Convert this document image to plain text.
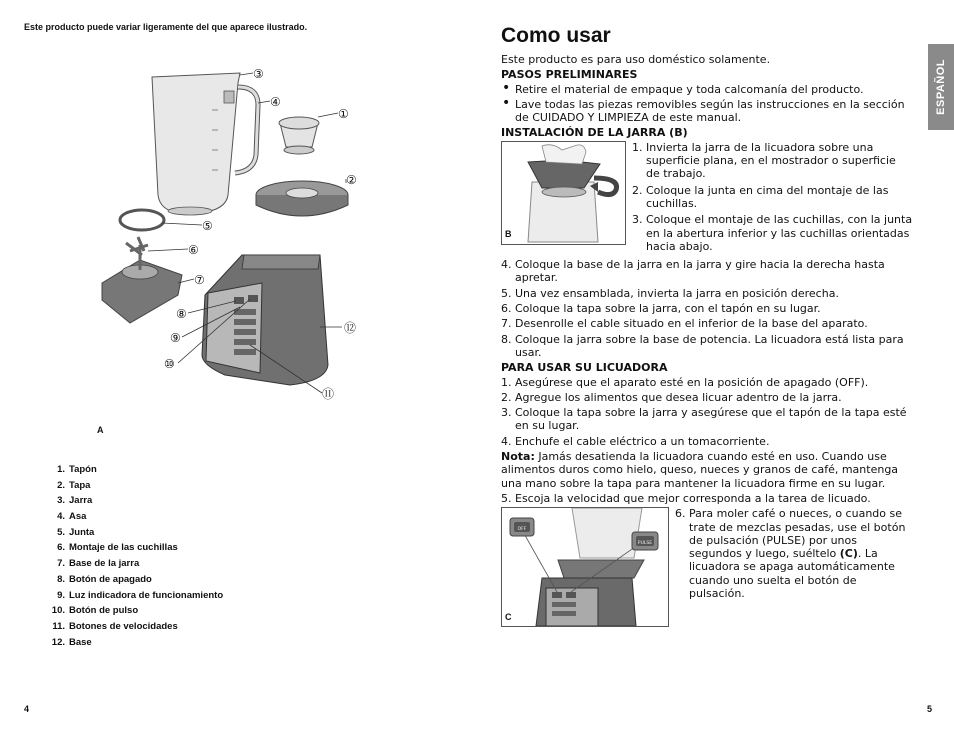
Este producto puede variar ligeramente del que aparece ilustrado.
③
④
①
②
⑤
⑥
⑦
⑧
⑨
⑩
⑫
⑪
A
1. Tapón
2. Tapa
3. Jarra
4. Asa
5. Junta
6. Montaje de las cuchillas
7. Base de la jarra
8. Botón de apagado
9. Luz indicadora de funcionamiento
10. Botón de pulso
11. Botones de velocidades
12. Base
4
Como usar
ESPAÑOL

Este producto es para uso doméstico solamente.

PASOS PRELIMINARES
• Retire el material de empaque y toda calcomanía del producto.
• Lave todas las piezas removibles según las instrucciones en la sección de CUIDADO Y LIMPIEZA de este manual.
INSTALACIÓN DE LA JARRA (B)
B
1. Invierta la jarra de la licuadora sobre una superficie plana, en el mostrador o superficie de trabajo.
2. Coloque la junta en cima del montaje de las cuchillas.
3. Coloque el montaje de las cuchillas, con la junta en la abertura inferior y las cuchillas orientadas hacia abajo.
4. Coloque la base de la jarra en la jarra y gire hacia la derecha hasta apretar.
5. Una vez ensamblada, invierta la jarra en posición derecha.
6. Coloque la tapa sobre la jarra, con el tapón en su lugar.
7. Desenrolle el cable situado en el inferior de la base del aparato.
8. Coloque la jarra sobre la base de potencia. La licuadora está lista para usar.
PARA USAR SU LICUADORA
1. Asegúrese que el aparato esté en la posición de apagado (OFF).
2. Agregue los alimentos que desea licuar adentro de la jarra.
3. Coloque la tapa sobre la jarra y asegúrese que el tapón de la tapa esté en su lugar.
4. Enchufe el cable eléctrico a un tomacorriente.

Nota: Jamás desatienda la licuadora cuando esté en uso. Cuando use alimentos duros como hielo, queso, nueces y granos de café, mantenga una mano sobre la tapa para mantener la licuadora firme en su lugar.

5. Escoja la velocidad que mejor corresponda a la tarea de licuado.
OFF
PULSE
C
6. Para moler café o nueces, o cuando se trate de mezclas pesadas, use el botón de pulsación (PULSE) por unos segundos y luego, suéltelo (C). La licuadora se apaga automáticamente cuando uno suelta el botón de pulsación.
5
